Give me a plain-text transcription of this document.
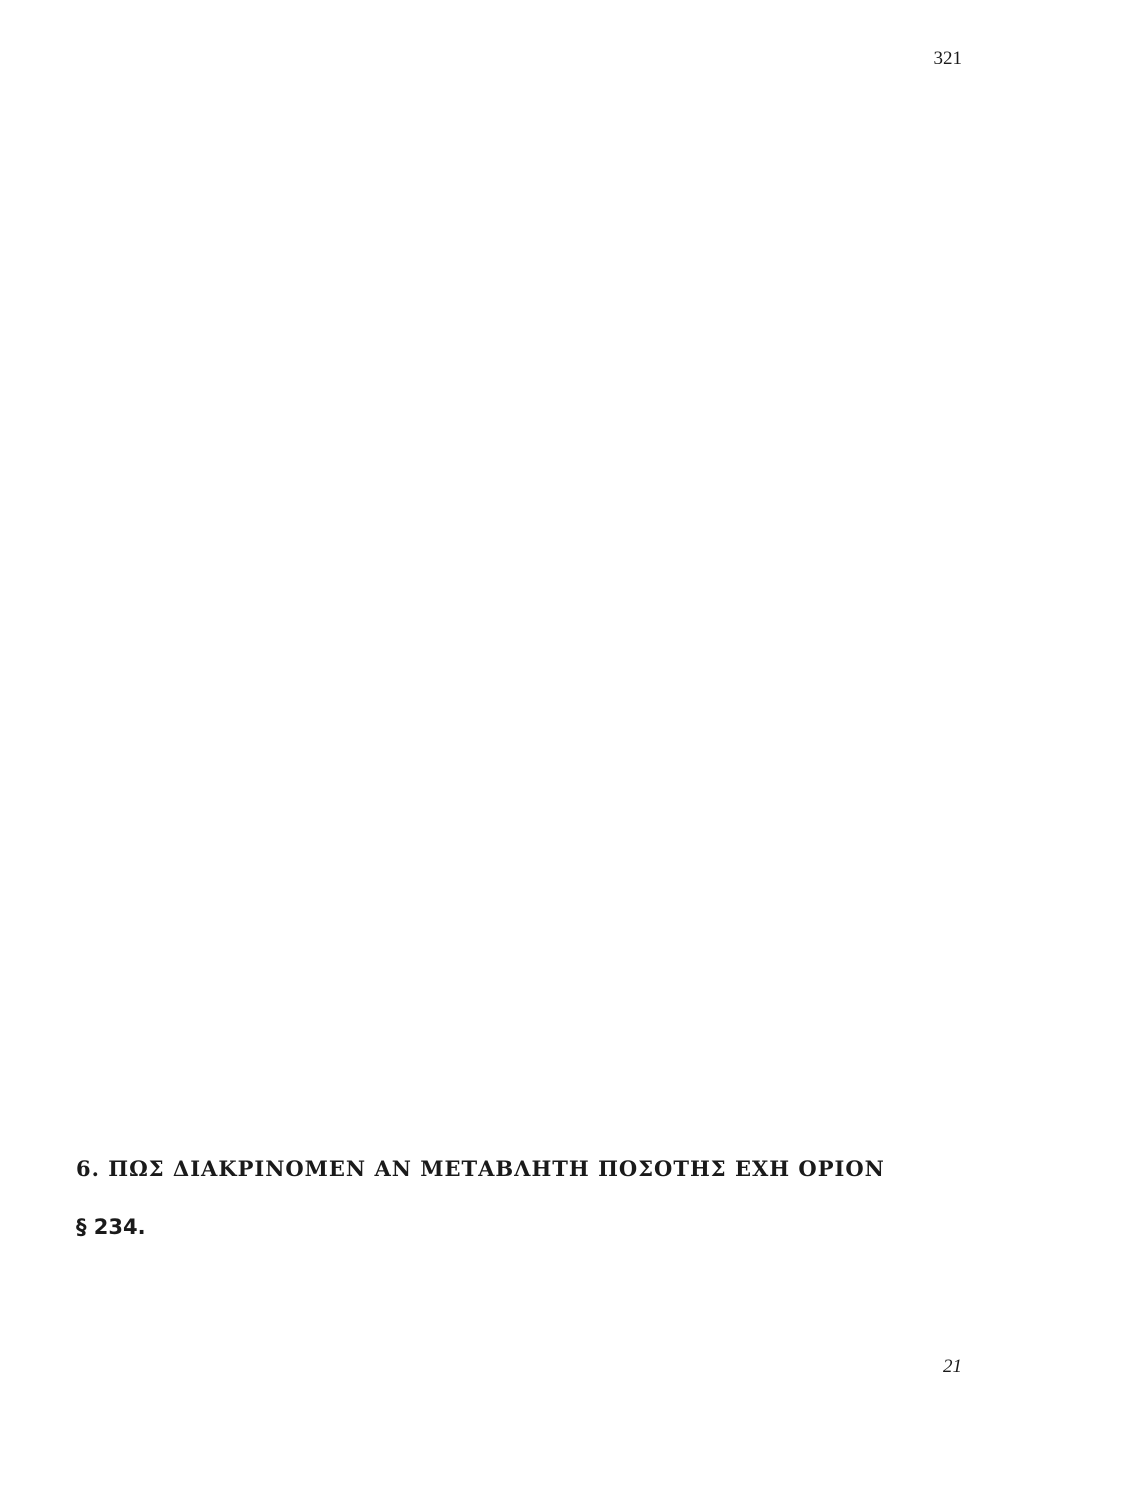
321
6. ΠΩΣ ΔΙΑΚΡΙΝΟΜΕΝ ΑΝ ΜΕΤΑΒΛΗΤΗ ΠΟΣΟΤΗΣ ΕΧΗ ΟΡΙΟΝ
§ 234.
21
